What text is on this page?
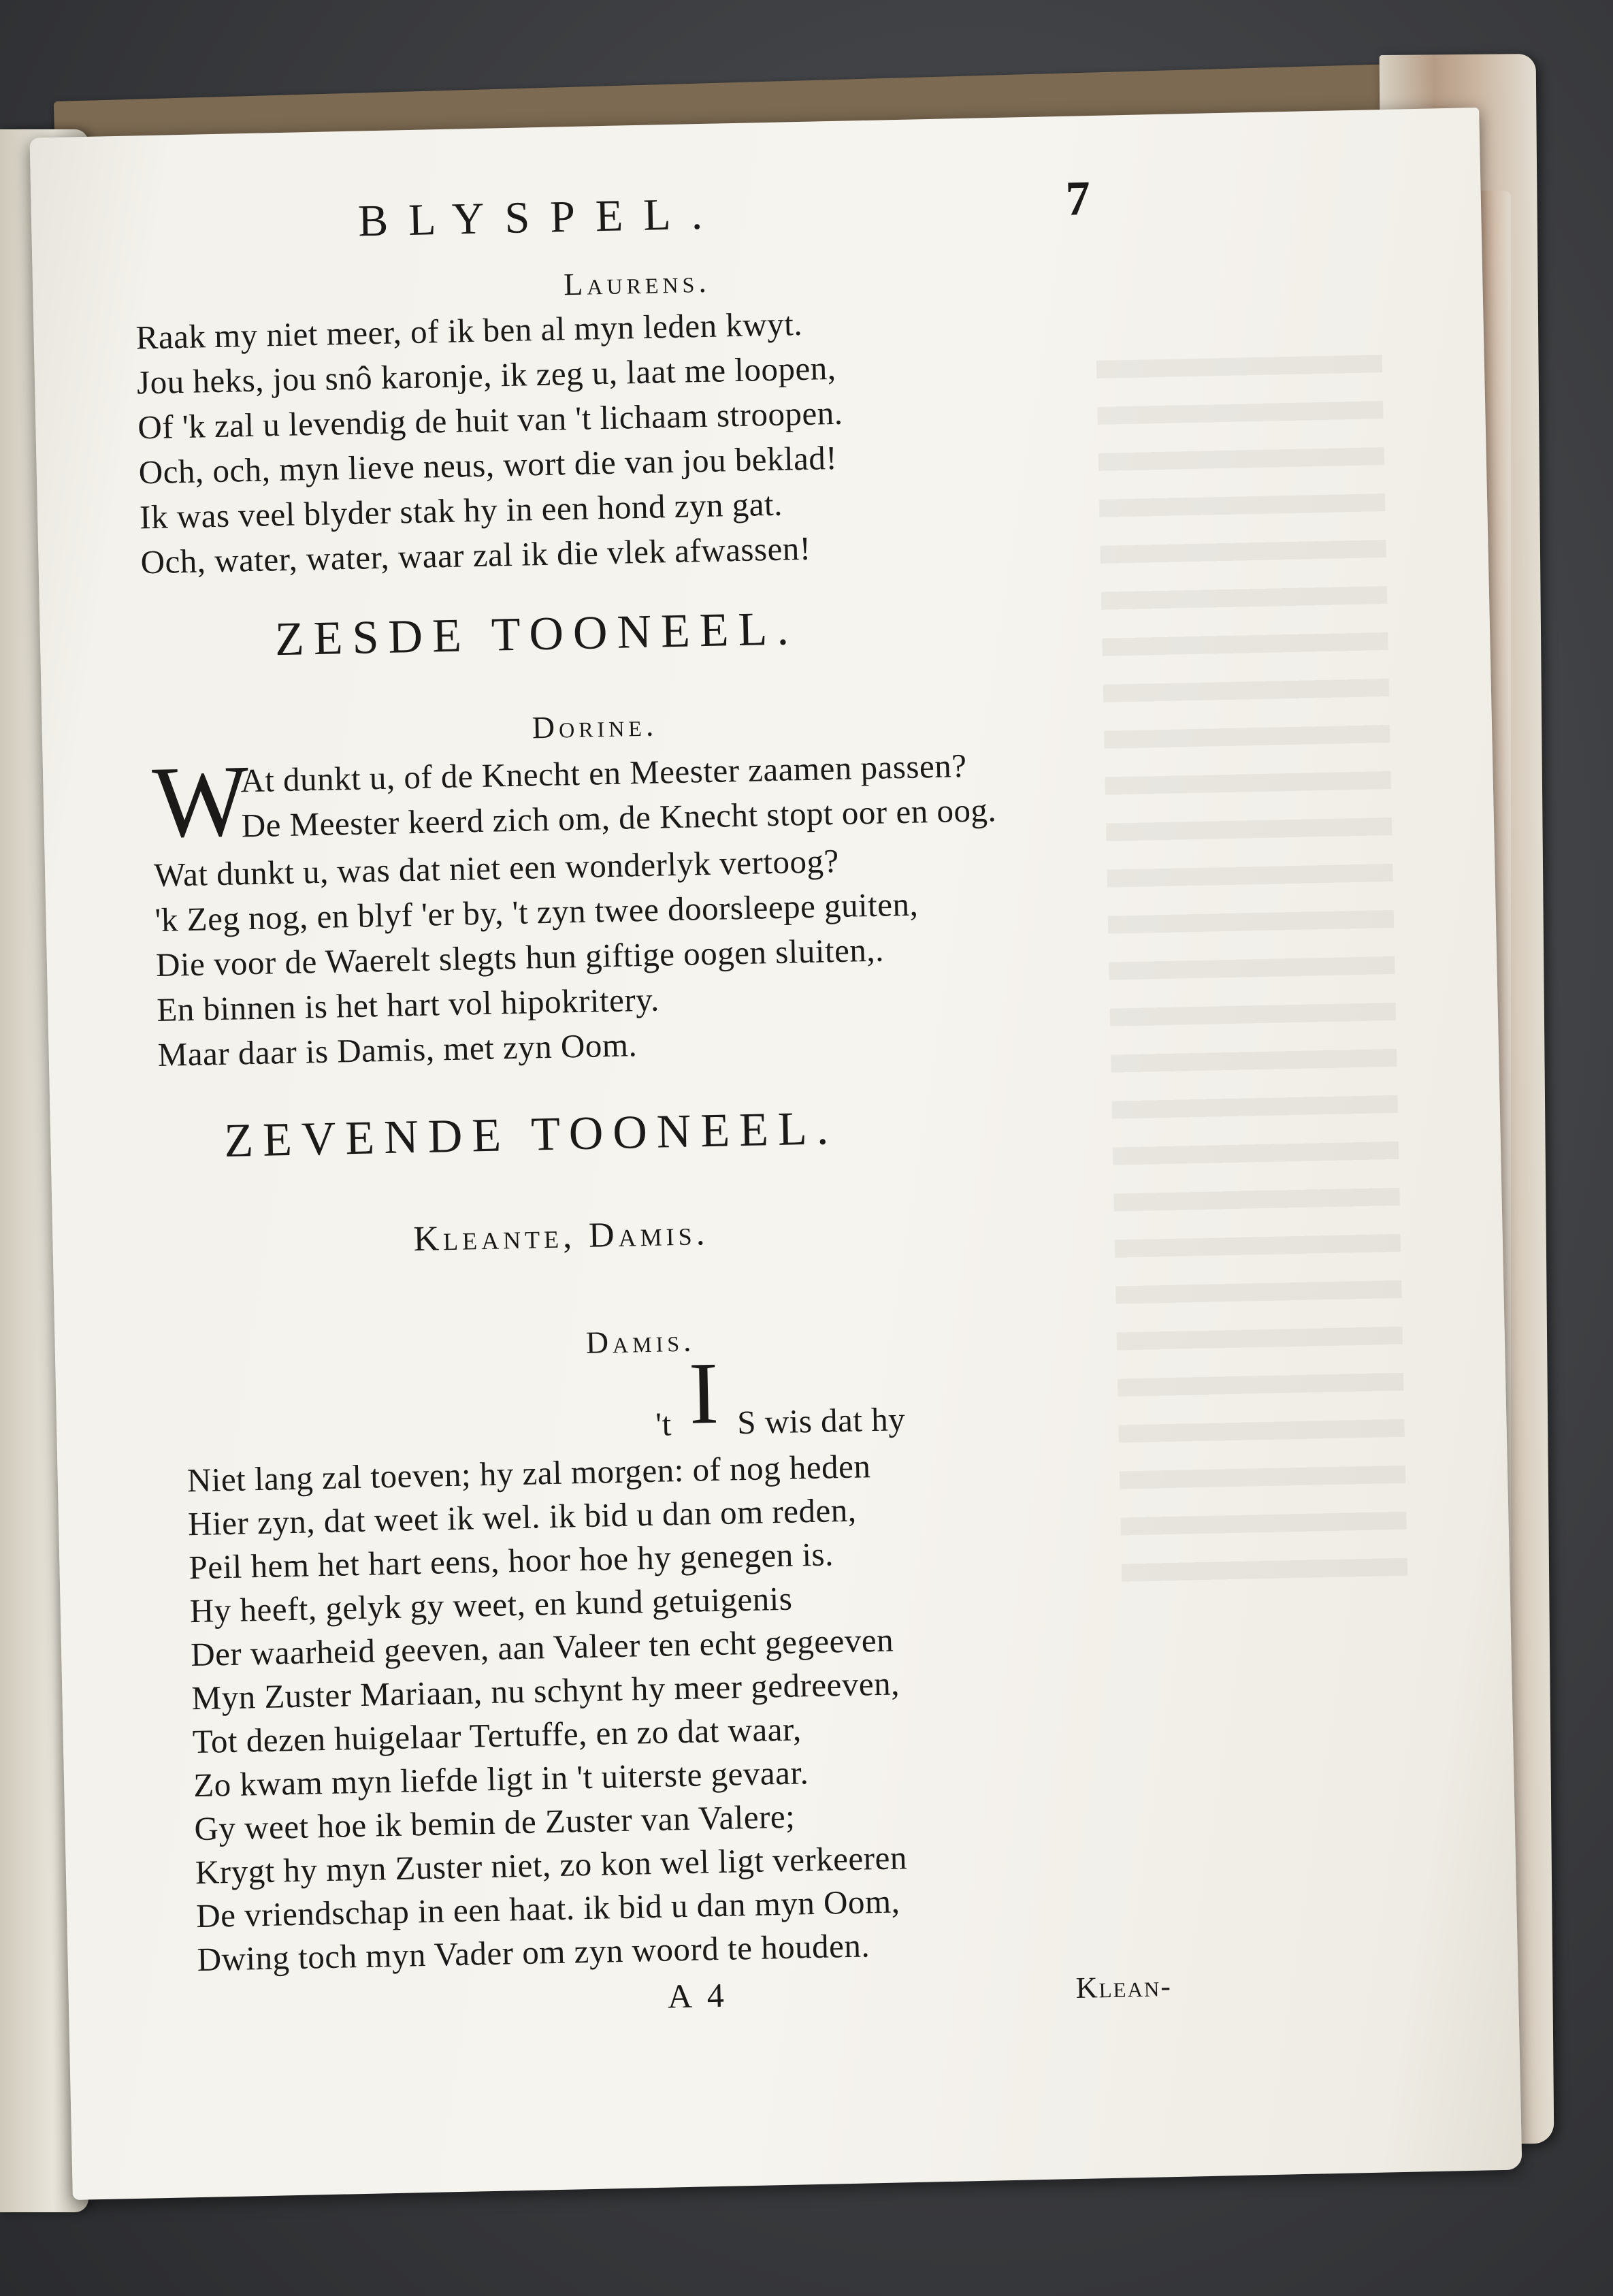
BLYSPEL.	7
Laurens.
Raak my niet meer, of ik ben al myn leden kwyt.
Jou heks, jou snô karonje, ik zeg u, laat me loopen,
Of 'k zal u levendig de huit van 't lichaam stroopen.
Och, och, myn lieve neus, wort die van jou beklad!
Ik was veel blyder stak hy in een hond zyn gat.
Och, water, water, waar zal ik die vlek afwassen!
ZESDE TOONEEL.
Dorine.
W
At dunkt u, of de Knecht en Meester zaamen passen?
De Meester keerd zich om, de Knecht stopt oor en oog.
Wat dunkt u, was dat niet een wonderlyk vertoog?
'k Zeg nog, en blyf 'er by, 't zyn twee doorsleepe guiten,
Die voor de Waerelt slegts hun giftige oogen sluiten,.
En binnen is het hart vol hipokritery.
Maar daar is Damis, met zyn Oom.
ZEVENDE TOONEEL.
Kleante, Damis.
Damis.
't I S wis dat hy
Niet lang zal toeven; hy zal morgen: of nog heden
Hier zyn, dat weet ik wel. ik bid u dan om reden,
Peil hem het hart eens, hoor hoe hy genegen is.
Hy heeft, gelyk gy weet, en kund getuigenis
Der waarheid geeven, aan Valeer ten echt gegeeven
Myn Zuster Mariaan, nu schynt hy meer gedreeven,
Tot dezen huigelaar Tertuffe, en zo dat waar,
Zo kwam myn liefde ligt in 't uiterste gevaar.
Gy weet hoe ik bemin de Zuster van Valere;
Krygt hy myn Zuster niet, zo kon wel ligt verkeeren
De vriendschap in een haat. ik bid u dan myn Oom,
Dwing toch myn Vader om zyn woord te houden.
A 4	Klean-
